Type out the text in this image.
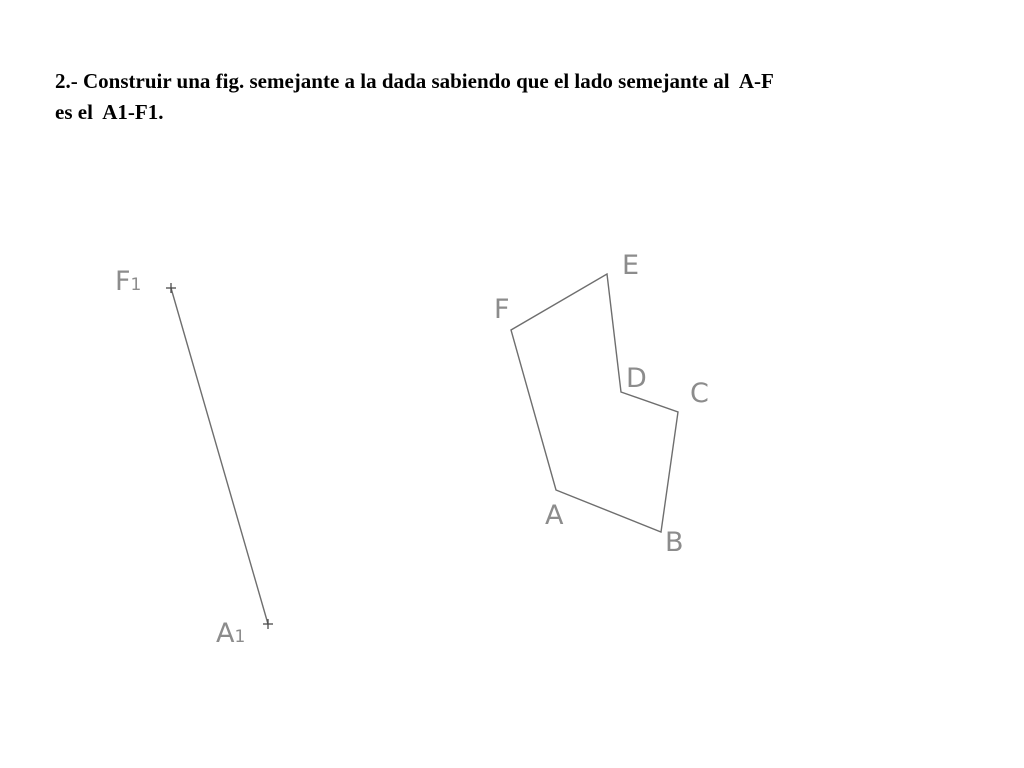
2.- Construir una fig. semejante a la dada sabiendo que el lado semejante al  A-F
es el  A1-F1.

F1
A1
A
B
C
D
E
F
